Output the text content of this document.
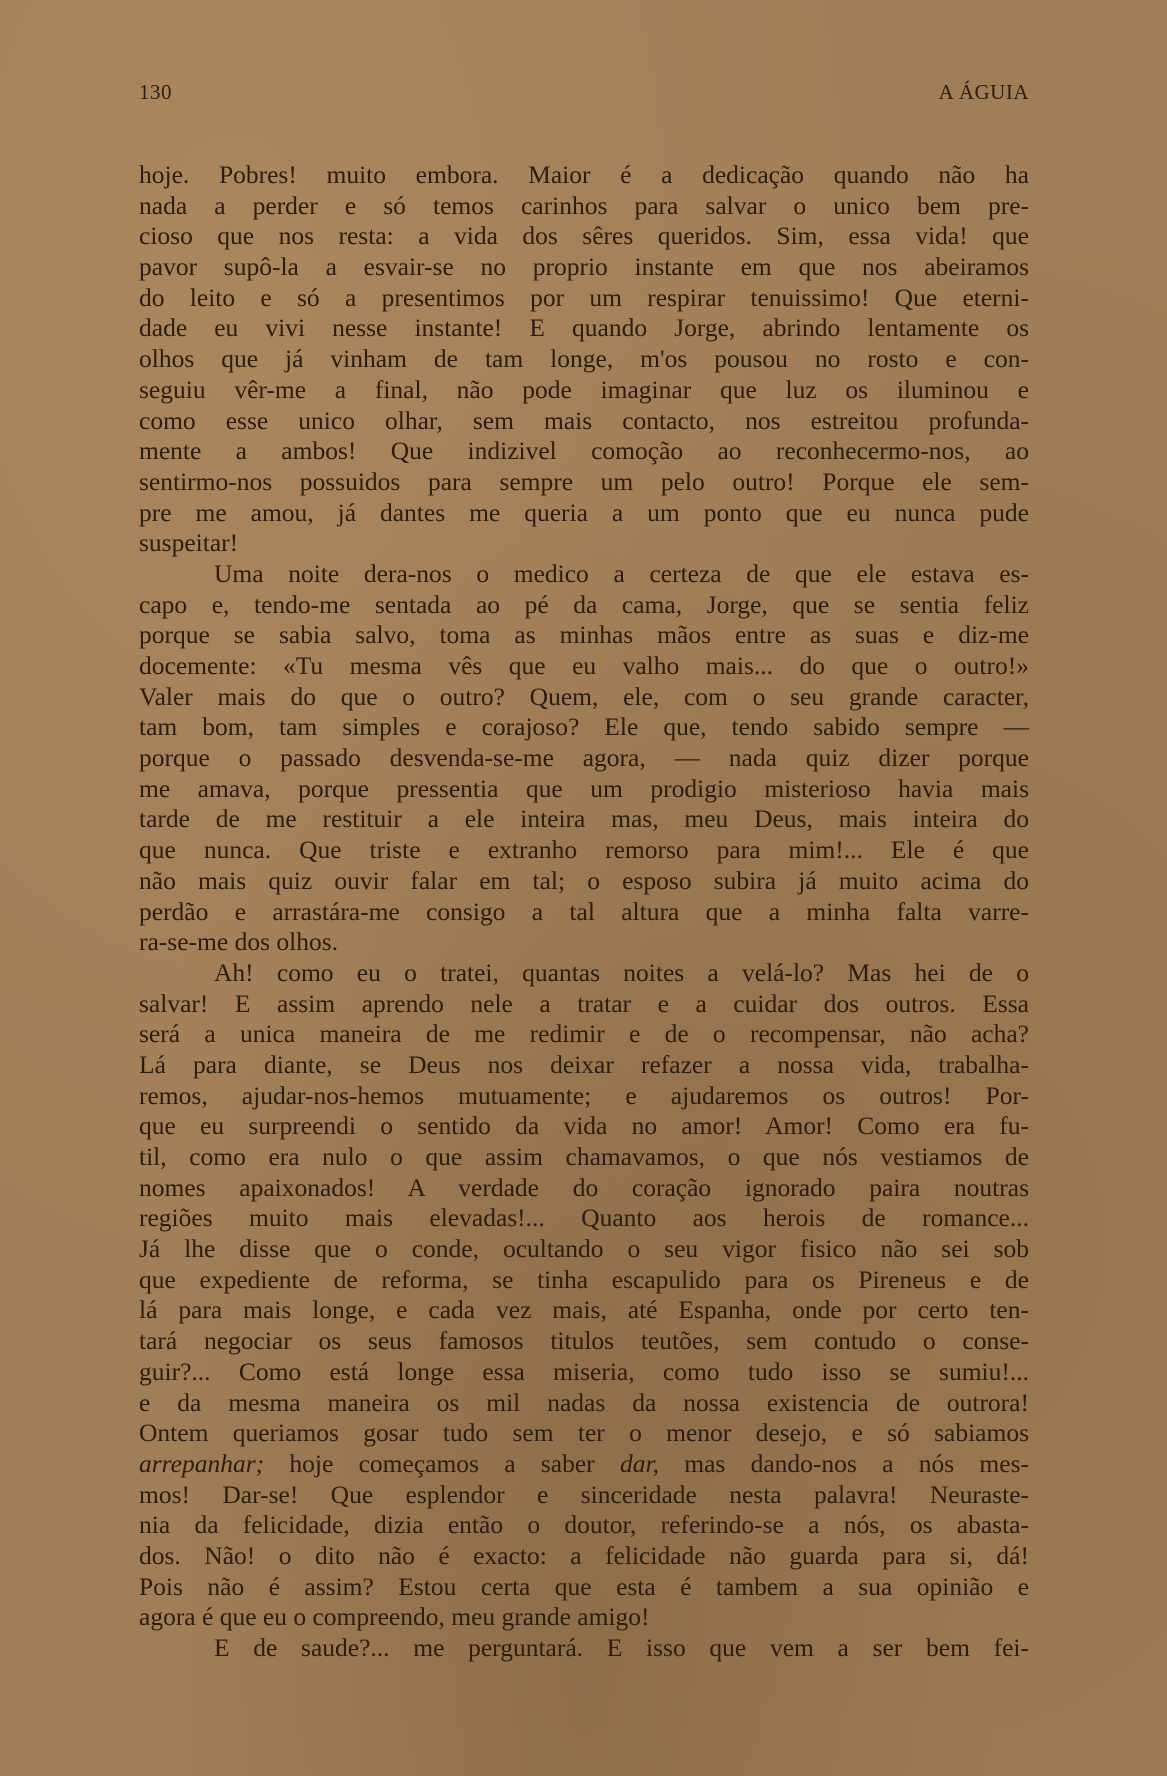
130	A ÁGUIA
hoje. Pobres! muito embora. Maior é a dedicação quando não ha
nada a perder e só temos carinhos para salvar o unico bem pre-
cioso que nos resta: a vida dos sêres queridos. Sim, essa vida! que
pavor supô-la a esvair-se no proprio instante em que nos abeiramos
do leito e só a presentimos por um respirar tenuissimo! Que eterni-
dade eu vivi nesse instante! E quando Jorge, abrindo lentamente os
olhos que já vinham de tam longe, m'os pousou no rosto e con-
seguiu vêr-me a final, não pode imaginar que luz os iluminou e
como esse unico olhar, sem mais contacto, nos estreitou profunda-
mente a ambos! Que indizivel comoção ao reconhecermo-nos, ao
sentirmo-nos possuidos para sempre um pelo outro! Porque ele sem-
pre me amou, já dantes me queria a um ponto que eu nunca pude
suspeitar!
Uma noite dera-nos o medico a certeza de que ele estava es-
capo e, tendo-me sentada ao pé da cama, Jorge, que se sentia feliz
porque se sabia salvo, toma as minhas mãos entre as suas e diz-me
docemente: «Tu mesma vês que eu valho mais... do que o outro!»
Valer mais do que o outro? Quem, ele, com o seu grande caracter,
tam bom, tam simples e corajoso? Ele que, tendo sabido sempre —
porque o passado desvenda-se-me agora, — nada quiz dizer porque
me amava, porque pressentia que um prodigio misterioso havia mais
tarde de me restituir a ele inteira mas, meu Deus, mais inteira do
que nunca. Que triste e extranho remorso para mim!... Ele é que
não mais quiz ouvir falar em tal; o esposo subira já muito acima do
perdão e arrastára-me consigo a tal altura que a minha falta varre-
ra-se-me dos olhos.
Ah! como eu o tratei, quantas noites a velá-lo? Mas hei de o
salvar! E assim aprendo nele a tratar e a cuidar dos outros. Essa
será a unica maneira de me redimir e de o recompensar, não acha?
Lá para diante, se Deus nos deixar refazer a nossa vida, trabalha-
remos, ajudar-nos-hemos mutuamente; e ajudaremos os outros! Por-
que eu surpreendi o sentido da vida no amor! Amor! Como era fu-
til, como era nulo o que assim chamavamos, o que nós vestiamos de
nomes apaixonados! A verdade do coração ignorado paira noutras
regiões muito mais elevadas!... Quanto aos herois de romance...
Já lhe disse que o conde, ocultando o seu vigor fisico não sei sob
que expediente de reforma, se tinha escapulido para os Pireneus e de
lá para mais longe, e cada vez mais, até Espanha, onde por certo ten-
tará negociar os seus famosos titulos teutões, sem contudo o conse-
guir?... Como está longe essa miseria, como tudo isso se sumiu!...
e da mesma maneira os mil nadas da nossa existencia de outrora!
Ontem queriamos gosar tudo sem ter o menor desejo, e só sabiamos
arrepanhar; hoje começamos a saber dar, mas dando-nos a nós mes-
mos! Dar-se! Que esplendor e sinceridade nesta palavra! Neuraste-
nia da felicidade, dizia então o doutor, referindo-se a nós, os abasta-
dos. Não! o dito não é exacto: a felicidade não guarda para si, dá!
Pois não é assim? Estou certa que esta é tambem a sua opinião e
agora é que eu o compreendo, meu grande amigo!
E de saude?... me perguntará. E isso que vem a ser bem fei-
